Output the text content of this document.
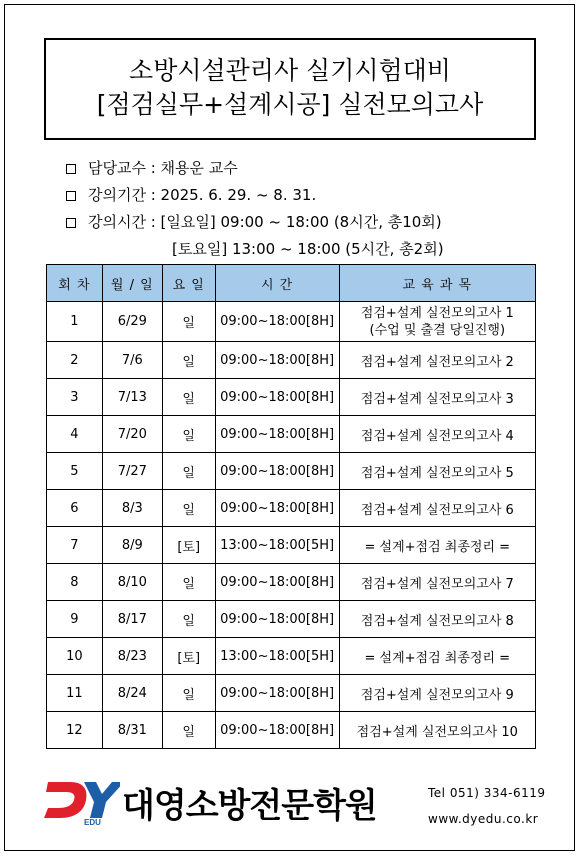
소방시설관리사 실기시험대비
[점검실무+설계시공] 실전모의고사
담당교수 : 채용운 교수
강의기간 : 2025. 6. 29. ~ 8. 31.
강의시간 : [일요일] 09:00 ~ 18:00 (8시간, 총10회)
[토요일] 13:00 ~ 18:00 (5시간, 총2회)
회 차	월 / 일	요 일	시 간	교 육 과 목
1	6/29	일	09:00~18:00[8H]	점검+설계 실전모의고사 1
(수업 및 출결 당일진행)

2	7/6	일	09:00~18:00[8H]	점검+설계 실전모의고사 2
3	7/13	일	09:00~18:00[8H]	점검+설계 실전모의고사 3
4	7/20	일	09:00~18:00[8H]	점검+설계 실전모의고사 4
5	7/27	일	09:00~18:00[8H]	점검+설계 실전모의고사 5
6	8/3	일	09:00~18:00[8H]	점검+설계 실전모의고사 6
7	8/9	[토]	13:00~18:00[5H]	= 설계+점검 최종정리 =
8	8/10	일	09:00~18:00[8H]	점검+설계 실전모의고사 7
9	8/17	일	09:00~18:00[8H]	점검+설계 실전모의고사 8
10	8/23	[토]	13:00~18:00[5H]	= 설계+점검 최종정리 =
11	8/24	일	09:00~18:00[8H]	점검+설계 실전모의고사 9
12	8/31	일	09:00~18:00[8H]	점검+설계 실전모의고사 10
EDU 대영소방전문학원	Tel 051) 334-6119
www.dyedu.co.kr
